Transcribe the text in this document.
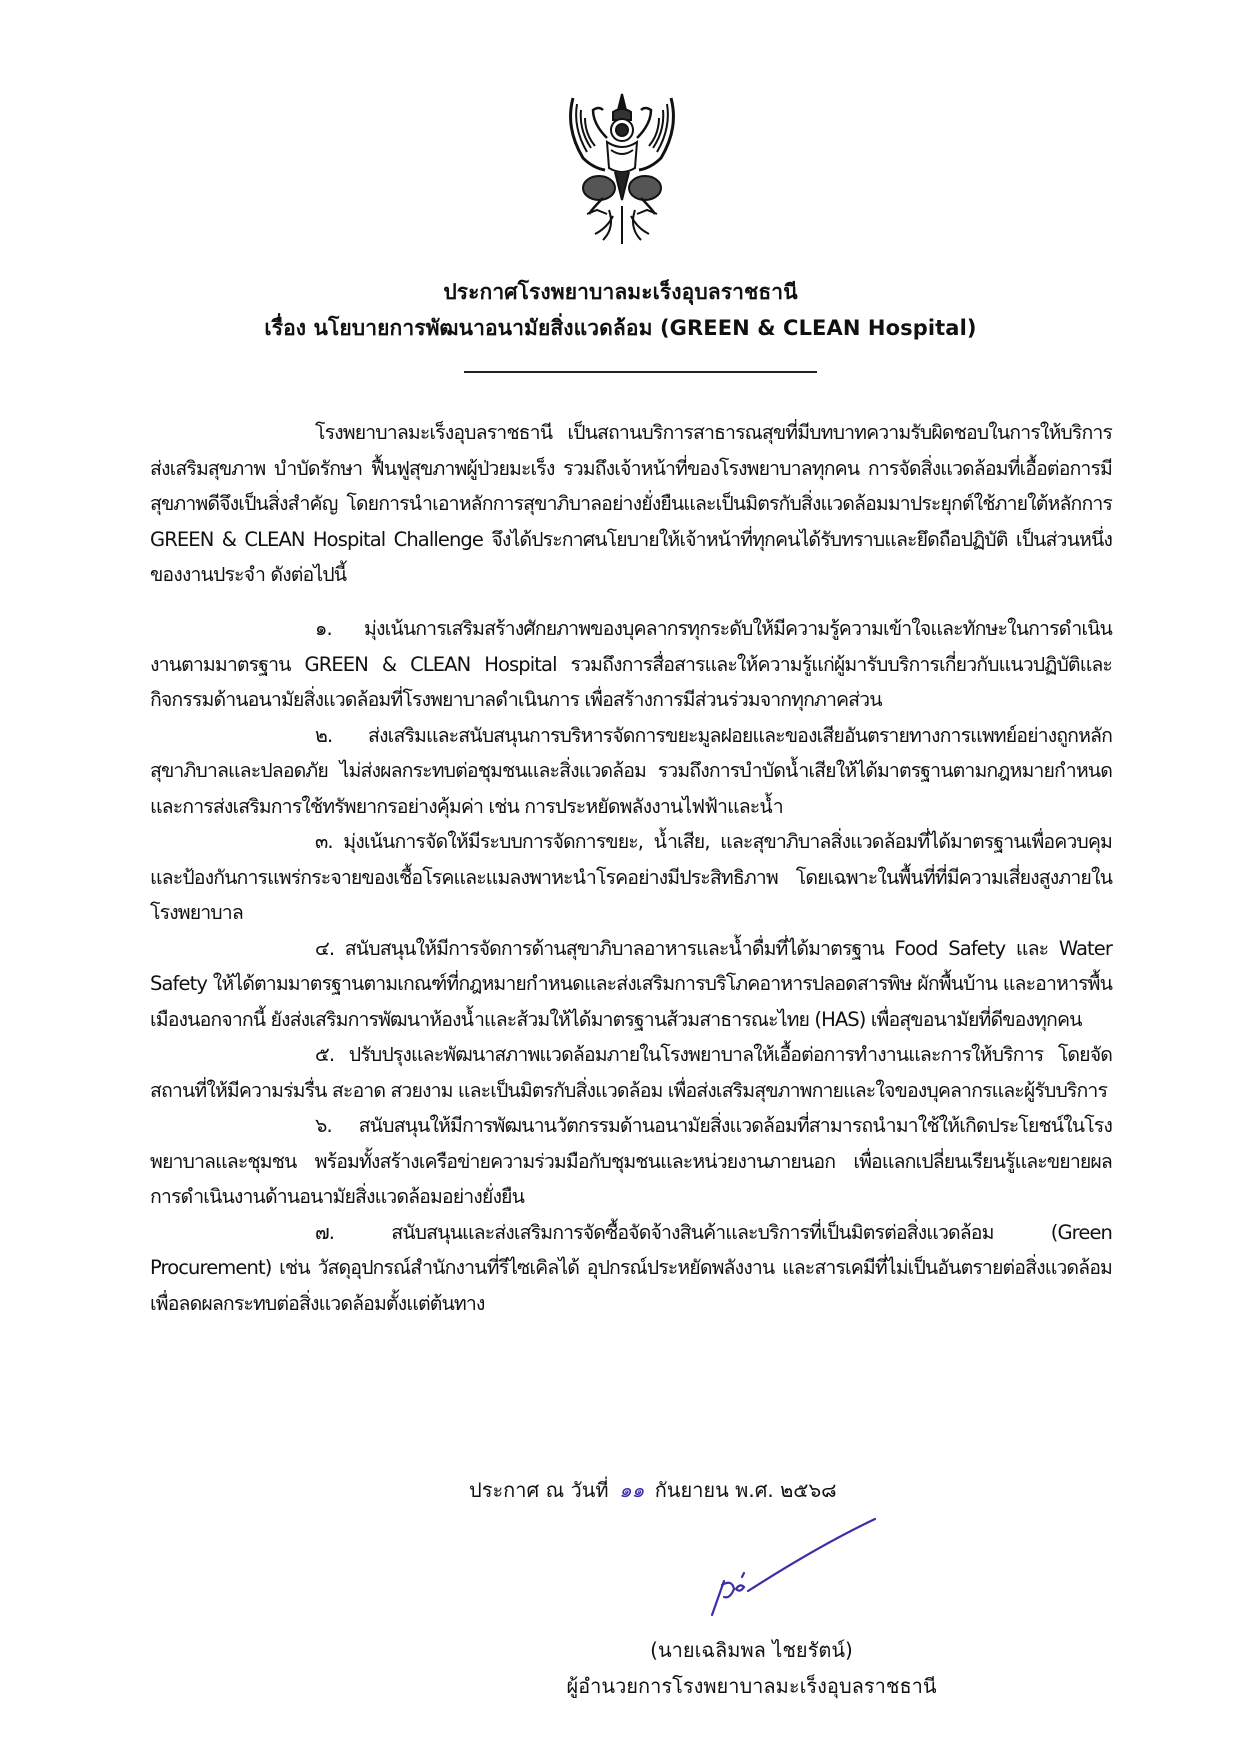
ประกาศโรงพยาบาลมะเร็งอุบลราชธานี
เรื่อง นโยบายการพัฒนาอนามัยสิ่งแวดล้อม (GREEN & CLEAN Hospital)

โรงพยาบาลมะเร็งอุบลราชธานี เป็นสถานบริการสาธารณสุขที่มีบทบาทความรับผิดชอบในการให้บริการส่งเสริมสุขภาพ บำบัดรักษา ฟื้นฟูสุขภาพผู้ป่วยมะเร็ง รวมถึงเจ้าหน้าที่ของโรงพยาบาลทุกคน การจัดสิ่งแวดล้อมที่เอื้อต่อการมีสุขภาพดีจึงเป็นสิ่งสำคัญ โดยการนำเอาหลักการสุขาภิบาลอย่างยั่งยืนและเป็นมิตรกับสิ่งแวดล้อมมาประยุกต์ใช้ภายใต้หลักการ GREEN & CLEAN Hospital Challenge จึงได้ประกาศนโยบายให้เจ้าหน้าที่ทุกคนได้รับทราบและยึดถือปฏิบัติ เป็นส่วนหนึ่งของงานประจำ ดังต่อไปนี้

๑. มุ่งเน้นการเสริมสร้างศักยภาพของบุคลากรทุกระดับให้มีความรู้ความเข้าใจและทักษะในการดำเนินงานตามมาตรฐาน GREEN & CLEAN Hospital รวมถึงการสื่อสารและให้ความรู้แก่ผู้มารับบริการเกี่ยวกับแนวปฏิบัติและกิจกรรมด้านอนามัยสิ่งแวดล้อมที่โรงพยาบาลดำเนินการ เพื่อสร้างการมีส่วนร่วมจากทุกภาคส่วน

๒. ส่งเสริมและสนับสนุนการบริหารจัดการขยะมูลฝอยและของเสียอันตรายทางการแพทย์อย่างถูกหลักสุขาภิบาลและปลอดภัย ไม่ส่งผลกระทบต่อชุมชนและสิ่งแวดล้อม รวมถึงการบำบัดน้ำเสียให้ได้มาตรฐานตามกฎหมายกำหนด และการส่งเสริมการใช้ทรัพยากรอย่างคุ้มค่า เช่น การประหยัดพลังงานไฟฟ้าและน้ำ

๓. มุ่งเน้นการจัดให้มีระบบการจัดการขยะ, น้ำเสีย, และสุขาภิบาลสิ่งแวดล้อมที่ได้มาตรฐานเพื่อควบคุมและป้องกันการแพร่กระจายของเชื้อโรคและแมลงพาหะนำโรคอย่างมีประสิทธิภาพ โดยเฉพาะในพื้นที่ที่มีความเสี่ยงสูงภายในโรงพยาบาล

๔. สนับสนุนให้มีการจัดการด้านสุขาภิบาลอาหารและน้ำดื่มที่ได้มาตรฐาน Food Safety และ Water Safety ให้ได้ตามมาตรฐานตามเกณฑ์ที่กฎหมายกำหนดและส่งเสริมการบริโภคอาหารปลอดสารพิษ ผักพื้นบ้าน และอาหารพื้นเมืองนอกจากนี้ ยังส่งเสริมการพัฒนาห้องน้ำและส้วมให้ได้มาตรฐานส้วมสาธารณะไทย (HAS) เพื่อสุขอนามัยที่ดีของทุกคน

๕. ปรับปรุงและพัฒนาสภาพแวดล้อมภายในโรงพยาบาลให้เอื้อต่อการทำงานและการให้บริการ โดยจัดสถานที่ให้มีความร่มรื่น สะอาด สวยงาม และเป็นมิตรกับสิ่งแวดล้อม เพื่อส่งเสริมสุขภาพกายและใจของบุคลากรและผู้รับบริการ

๖. สนับสนุนให้มีการพัฒนานวัตกรรมด้านอนามัยสิ่งแวดล้อมที่สามารถนำมาใช้ให้เกิดประโยชน์ในโรงพยาบาลและชุมชน พร้อมทั้งสร้างเครือข่ายความร่วมมือกับชุมชนและหน่วยงานภายนอก เพื่อแลกเปลี่ยนเรียนรู้และขยายผลการดำเนินงานด้านอนามัยสิ่งแวดล้อมอย่างยั่งยืน

๗. สนับสนุนและส่งเสริมการจัดซื้อจัดจ้างสินค้าและบริการที่เป็นมิตรต่อสิ่งแวดล้อม (Green Procurement) เช่น วัสดุอุปกรณ์สำนักงานที่รีไซเคิลได้ อุปกรณ์ประหยัดพลังงาน และสารเคมีที่ไม่เป็นอันตรายต่อสิ่งแวดล้อม เพื่อลดผลกระทบต่อสิ่งแวดล้อมตั้งแต่ต้นทาง

ประกาศ ณ วันที่ ๑๑ กันยายน พ.ศ. ๒๕๖๘
(นายเฉลิมพล ไชยรัตน์)
ผู้อำนวยการโรงพยาบาลมะเร็งอุบลราชธานี
